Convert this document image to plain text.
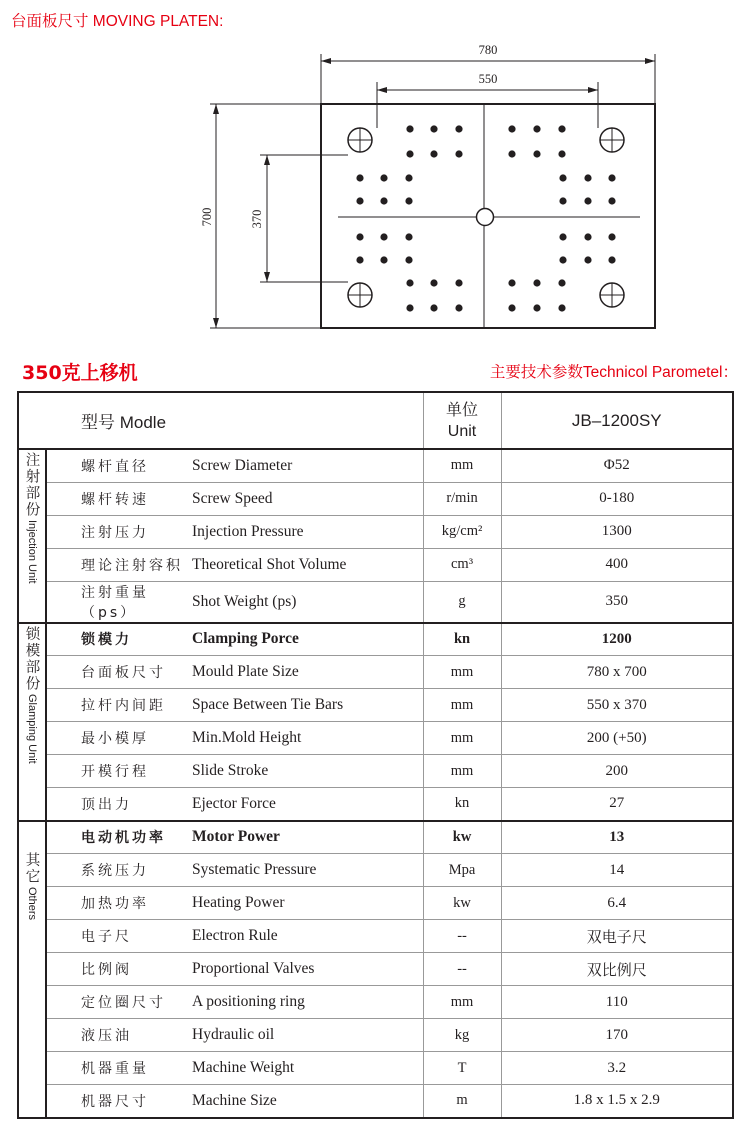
台面板尺寸 MOVING PLATEN:
780
550
700	370
350克上移机	主要技术参数Technicol Parometel：
型号 Modle			单位
Unit	JB–1200SY

注射部份
Injection Unit	螺杆直径	Screw Diameter	mm	Φ52
	螺杆转速	Screw Speed	r/min	0-180
	注射压力	Injection Pressure	kg/cm²	1300
	理论注射容积	Theoretical Shot Volume	cm³	400
	注射重量（ps）	Shot Weight (ps)	g	350

锁模部份
Glamping Unit	锁模力	Clamping Porce	kn	1200
	台面板尺寸	Mould Plate Size	mm	780 x 700
	拉杆内间距	Space Between Tie Bars	mm	550 x 370
	最小模厚	Min.Mold Height	mm	200 (+50)
	开模行程	Slide Stroke	mm	200
	顶出力	Ejector Force	kn	27

其它
Others	电动机功率	Motor Power	kw	13
	系统压力	Systematic Pressure	Mpa	14
	加热功率	Heating Power	kw	6.4
	电子尺	Electron Rule	--	双电子尺
	比例阀	Proportional Valves	--	双比例尺
	定位圈尺寸	A positioning ring	mm	110
	液压油	Hydraulic oil	kg	170
	机器重量	Machine Weight	T	3.2
	机器尺寸	Machine Size	m	1.8 x 1.5 x 2.9
